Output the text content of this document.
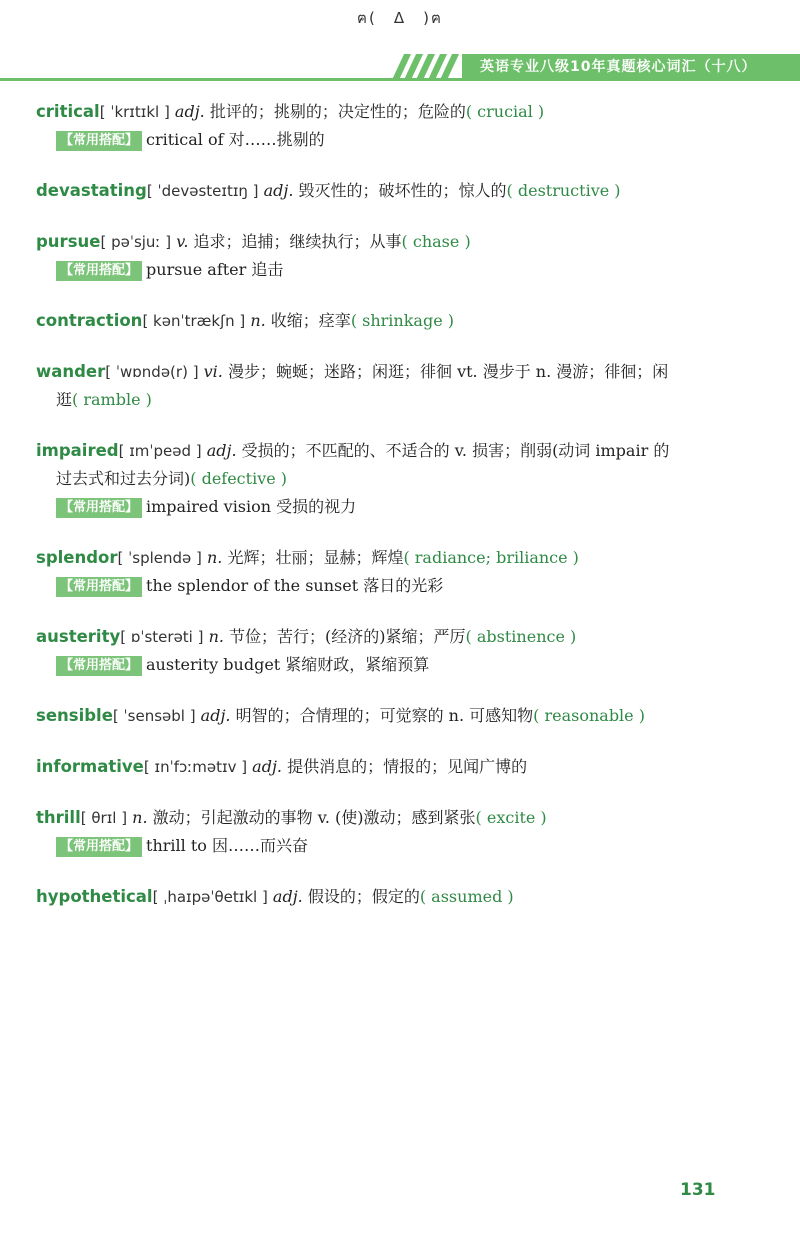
ฅ(　Δ　)ฅ
英语专业八级10年真题核心词汇（十八）

critical[ ˈkrɪtɪkl ] adj. 批评的；挑剔的；决定性的；危险的( crucial )

【常用搭配】 critical of 对……挑剔的

devastating[ ˈdevəsteɪtɪŋ ] adj. 毁灭性的；破坏性的；惊人的( destructive )

pursue[ pəˈsjuː ] v. 追求；追捕；继续执行；从事( chase )

【常用搭配】 pursue after 追击

contraction[ kənˈtrækʃn ] n. 收缩；痉挛( shrinkage )

wander[ ˈwɒndə(r) ] vi. 漫步；蜿蜒；迷路；闲逛；徘徊 vt. 漫步于 n. 漫游；徘徊；闲

逛( ramble )

impaired[ ɪmˈpeəd ] adj. 受损的；不匹配的、不适合的 v. 损害；削弱(动词 impair 的

过去式和过去分词)( defective )

【常用搭配】 impaired vision 受损的视力

splendor[ ˈsplendə ] n. 光辉；壮丽；显赫；辉煌( radiance; briliance )

【常用搭配】 the splendor of the sunset 落日的光彩

austerity[ ɒˈsterəti ] n. 节俭；苦行；(经济的)紧缩；严厉( abstinence )

【常用搭配】 austerity budget 紧缩财政，紧缩预算

sensible[ ˈsensəbl ] adj. 明智的；合情理的；可觉察的 n. 可感知物( reasonable )

informative[ ɪnˈfɔːmətɪv ] adj. 提供消息的；情报的；见闻广博的

thrill[ θrɪl ] n. 激动；引起激动的事物 v. (使)激动；感到紧张( excite )

【常用搭配】 thrill to 因……而兴奋

hypothetical[ ˌhaɪpəˈθetɪkl ] adj. 假设的；假定的( assumed )

131
